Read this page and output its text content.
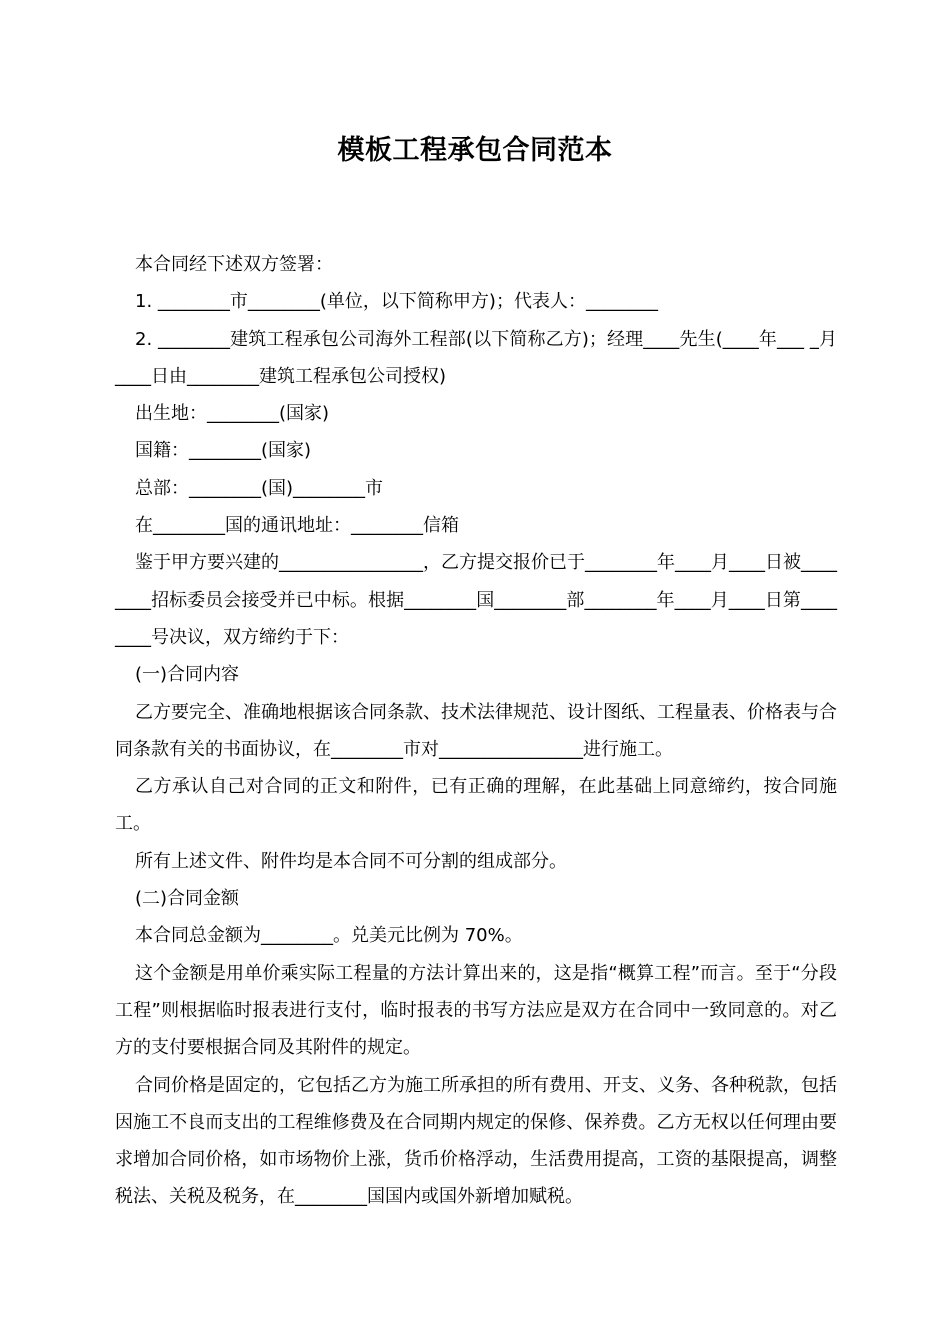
模板工程承包合同范本

本合同经下述双方签署：

1. ________市________(单位，以下简称甲方)；代表人：________

2. ________建筑工程承包公司海外工程部(以下简称乙方)；经理____先生(____年___ _月____日由________建筑工程承包公司授权)

出生地：________(国家)

国籍：________(国家)

总部：________(国)________市

在________国的通讯地址：________信箱

鉴于甲方要兴建的________________，乙方提交报价已于________年____月____日被________招标委员会接受并已中标。根据________国________部________年____月____日第________号决议，双方缔约于下：

(一)合同内容

乙方要完全、准确地根据该合同条款、技术法律规范、设计图纸、工程量表、价格表与合同条款有关的书面协议，在________市对________________进行施工。

乙方承认自己对合同的正文和附件，已有正确的理解，在此基础上同意缔约，按合同施工。

所有上述文件、附件均是本合同不可分割的组成部分。

(二)合同金额

本合同总金额为________。兑美元比例为 70%。

这个金额是用单价乘实际工程量的方法计算出来的，这是指“概算工程”而言。至于“分段工程”则根据临时报表进行支付，临时报表的书写方法应是双方在合同中一致同意的。对乙方的支付要根据合同及其附件的规定。

合同价格是固定的，它包括乙方为施工所承担的所有费用、开支、义务、各种税款，包括因施工不良而支出的工程维修费及在合同期内规定的保修、保养费。乙方无权以任何理由要求增加合同价格，如市场物价上涨，货币价格浮动，生活费用提高，工资的基限提高，调整税法、关税及税务，在________国国内或国外新增加赋税。
